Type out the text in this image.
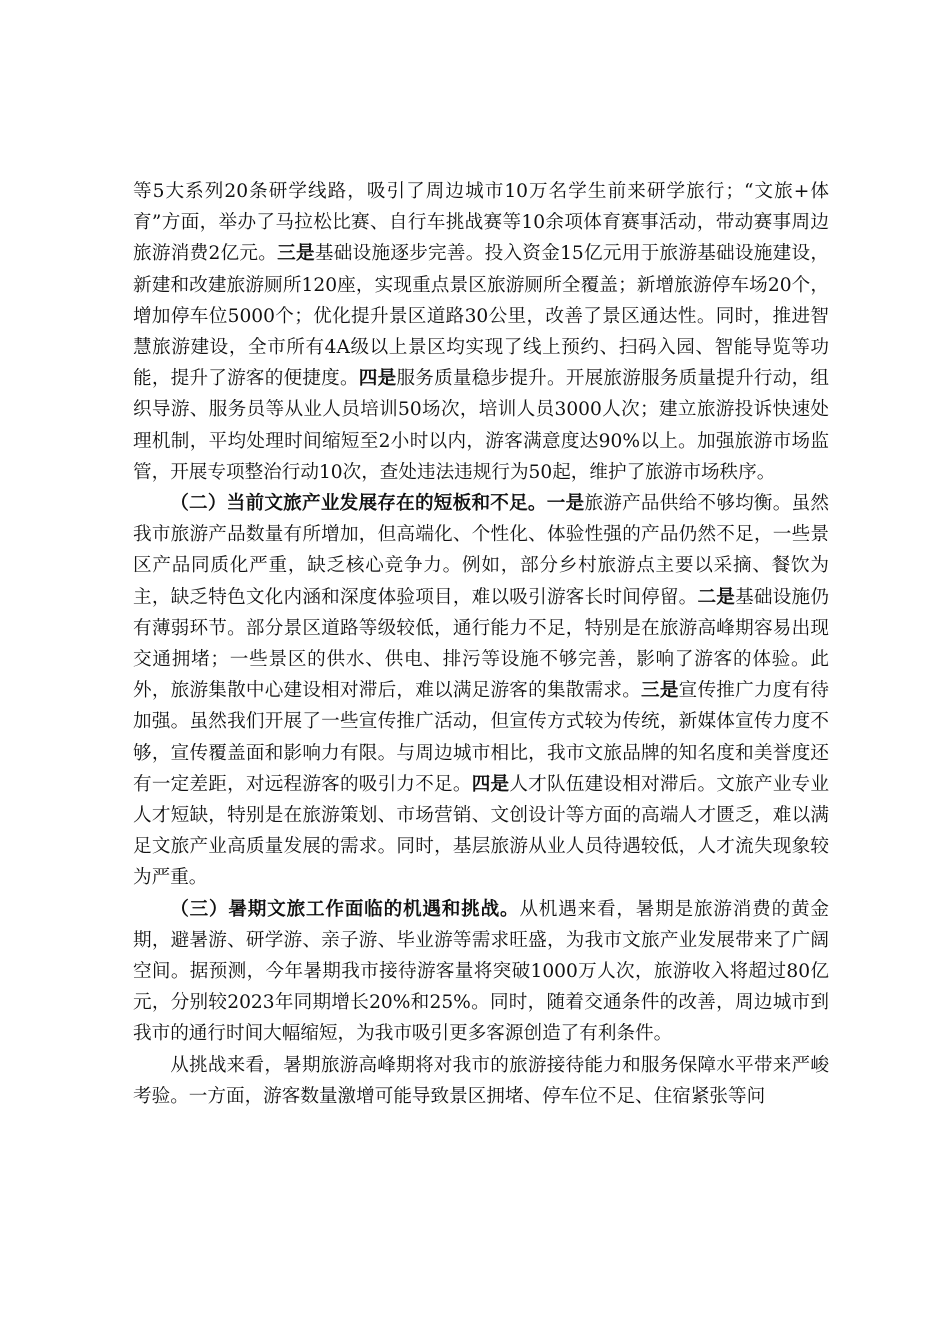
等5大系列20条研学线路，吸引了周边城市10万名学生前来研学旅行；“文旅+体育”方面，举办了马拉松比赛、自行车挑战赛等10余项体育赛事活动，带动赛事周边旅游消费2亿元。三是基础设施逐步完善。投入资金15亿元用于旅游基础设施建设，新建和改建旅游厕所120座，实现重点景区旅游厕所全覆盖；新增旅游停车场20个，增加停车位5000个；优化提升景区道路30公里，改善了景区通达性。同时，推进智慧旅游建设，全市所有4A级以上景区均实现了线上预约、扫码入园、智能导览等功能，提升了游客的便捷度。四是服务质量稳步提升。开展旅游服务质量提升行动，组织导游、服务员等从业人员培训50场次，培训人员3000人次；建立旅游投诉快速处理机制，平均处理时间缩短至2小时以内，游客满意度达90%以上。加强旅游市场监管，开展专项整治行动10次，查处违法违规行为50起，维护了旅游市场秩序。

（二）当前文旅产业发展存在的短板和不足。一是旅游产品供给不够均衡。虽然我市旅游产品数量有所增加，但高端化、个性化、体验性强的产品仍然不足，一些景区产品同质化严重，缺乏核心竞争力。例如，部分乡村旅游点主要以采摘、餐饮为主，缺乏特色文化内涵和深度体验项目，难以吸引游客长时间停留。二是基础设施仍有薄弱环节。部分景区道路等级较低，通行能力不足，特别是在旅游高峰期容易出现交通拥堵；一些景区的供水、供电、排污等设施不够完善，影响了游客的体验。此外，旅游集散中心建设相对滞后，难以满足游客的集散需求。三是宣传推广力度有待加强。虽然我们开展了一些宣传推广活动，但宣传方式较为传统，新媒体宣传力度不够，宣传覆盖面和影响力有限。与周边城市相比，我市文旅品牌的知名度和美誉度还有一定差距，对远程游客的吸引力不足。四是人才队伍建设相对滞后。文旅产业专业人才短缺，特别是在旅游策划、市场营销、文创设计等方面的高端人才匮乏，难以满足文旅产业高质量发展的需求。同时，基层旅游从业人员待遇较低，人才流失现象较为严重。

（三）暑期文旅工作面临的机遇和挑战。从机遇来看，暑期是旅游消费的黄金期，避暑游、研学游、亲子游、毕业游等需求旺盛，为我市文旅产业发展带来了广阔空间。据预测，今年暑期我市接待游客量将突破1000万人次，旅游收入将超过80亿元，分别较2023年同期增长20%和25%。同时，随着交通条件的改善，周边城市到我市的通行时间大幅缩短，为我市吸引更多客源创造了有利条件。

从挑战来看，暑期旅游高峰期将对我市的旅游接待能力和服务保障水平带来严峻考验。一方面，游客数量激增可能导致景区拥堵、停车位不足、住宿紧张等问
